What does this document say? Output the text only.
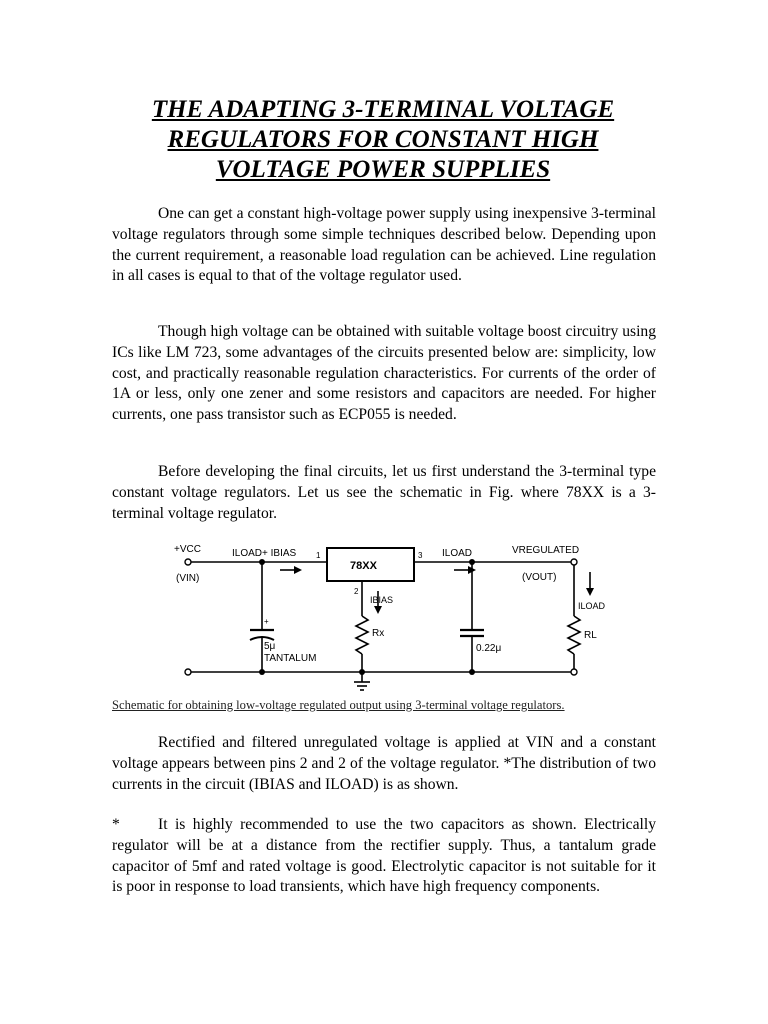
THE ADAPTING 3-TERMINAL VOLTAGE
REGULATORS FOR CONSTANT HIGH
VOLTAGE POWER SUPPLIES

One can get a constant high-voltage power supply using inexpensive 3-terminal voltage regulators through some simple techniques described below. Depending upon the current requirement, a reasonable load regulation can be achieved. Line regulation in all cases is equal to that of the voltage regulator used.

Though high voltage can be obtained with suitable voltage boost circuitry using ICs like LM 723, some advantages of the circuits presented below are: simplicity, low cost, and practically reasonable regulation characteristics. For currents of the order of 1A or less, only one zener and some resistors and capacitors are needed. For higher currents, one pass transistor such as ECP055 is needed.

Before developing the final circuits, let us first understand the 3-terminal type constant voltage regulators. Let us see the schematic in Fig. where 78XX is a 3-terminal voltage regulator.

+VCC
(VIN)
ILOAD+ IBIAS 1	3
2
78XX
IBIAS
Rx
+
5μ
TANTALUM
ILOAD
0.22μ
VREGULATED
(VOUT)
ILOAD
RL
Schematic for obtaining low-voltage regulated output using 3-terminal voltage regulators.

Rectified and filtered unregulated voltage is applied at VIN and a constant voltage appears between pins 2 and 2 of the voltage regulator. *The distribution of two currents in the circuit (IBIAS and ILOAD) is as shown.

* It is highly recommended to use the two capacitors as shown. Electrically regulator will be at a distance from the rectifier supply. Thus, a tantalum grade capacitor of 5mf and rated voltage is good. Electrolytic capacitor is not suitable for it is poor in response to load transients, which have high frequency components.
